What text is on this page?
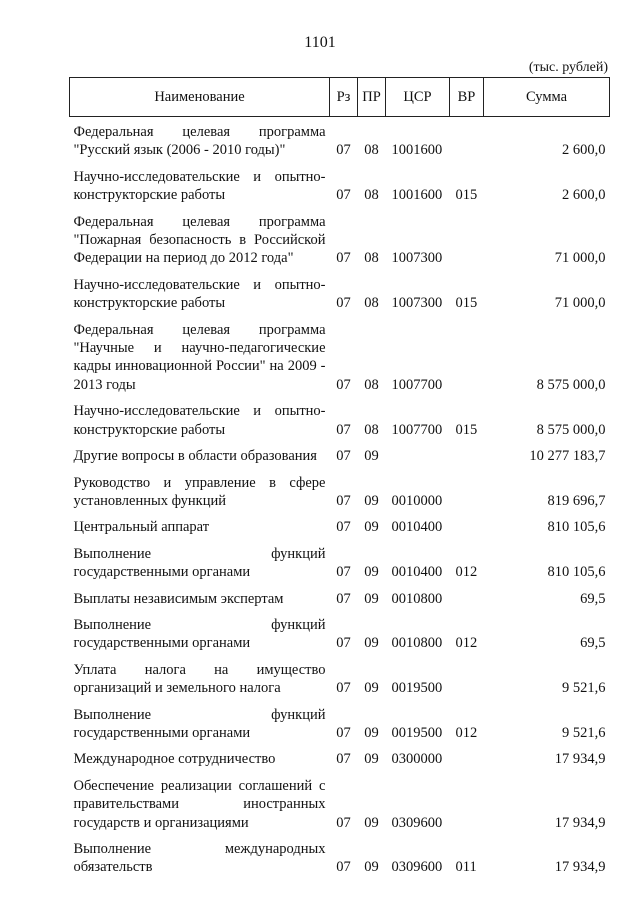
1101
(тыс. рублей)
Наименование	Рз	ПР	ЦСР	ВР	Сумма
Федеральная целевая программа "Русский язык (2006 - 2010 годы)"	07	08	1001600		2 600,0
Научно-исследовательские и опытно-конструкторские работы	07	08	1001600	015	2 600,0
Федеральная целевая программа "Пожарная безопасность в Российской Федерации на период до 2012 года"	07	08	1007300		71 000,0
Научно-исследовательские и опытно-конструкторские работы	07	08	1007300	015	71 000,0
Федеральная целевая программа "Научные и научно-педагогические кадры инновационной России" на 2009 - 2013 годы	07	08	1007700		8 575 000,0
Научно-исследовательские и опытно-конструкторские работы	07	08	1007700	015	8 575 000,0
Другие вопросы в области образования	07	09			10 277 183,7
Руководство и управление в сфере установленных функций	07	09	0010000		819 696,7
Центральный аппарат	07	09	0010400		810 105,6
Выполнение функций государственными органами	07	09	0010400	012	810 105,6
Выплаты независимым экспертам	07	09	0010800		69,5
Выполнение функций государственными органами	07	09	0010800	012	69,5
Уплата налога на имущество организаций и земельного налога	07	09	0019500		9 521,6
Выполнение функций государственными органами	07	09	0019500	012	9 521,6
Международное сотрудничество	07	09	0300000		17 934,9
Обеспечение реализации соглашений с правительствами иностранных государств и организациями	07	09	0309600		17 934,9
Выполнение международных обязательств	07	09	0309600	011	17 934,9
